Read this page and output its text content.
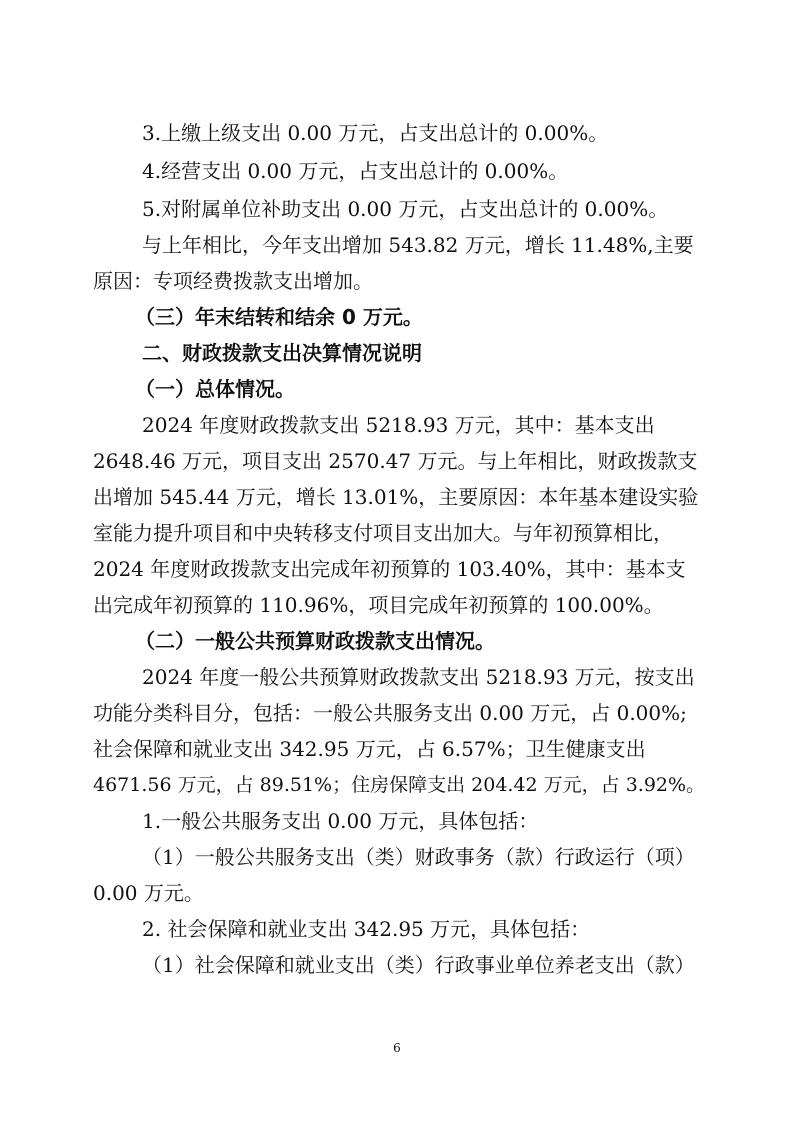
3.上缴上级支出 0.00 万元，占支出总计的 0.00%。
4.经营支出 0.00 万元，占支出总计的 0.00%。
5.对附属单位补助支出 0.00 万元，占支出总计的 0.00%。
与上年相比，今年支出增加 543.82 万元，增长 11.48%,主要
原因：专项经费拨款支出增加。
（三）年末结转和结余 0 万元。
二、财政拨款支出决算情况说明
（一）总体情况。
2024 年度财政拨款支出 5218.93 万元，其中：基本支出
2648.46 万元，项目支出 2570.47 万元。与上年相比，财政拨款支
出增加 545.44 万元，增长 13.01%，主要原因：本年基本建设实验
室能力提升项目和中央转移支付项目支出加大。与年初预算相比，
2024 年度财政拨款支出完成年初预算的 103.40%，其中：基本支
出完成年初预算的 110.96%，项目完成年初预算的 100.00%。
（二）一般公共预算财政拨款支出情况。
2024 年度一般公共预算财政拨款支出 5218.93 万元，按支出
功能分类科目分，包括：一般公共服务支出 0.00 万元，占 0.00%;
社会保障和就业支出 342.95 万元，占 6.57%；卫生健康支出
4671.56 万元，占 89.51%；住房保障支出 204.42 万元，占 3.92%。
1.一般公共服务支出 0.00 万元，具体包括：
（1）一般公共服务支出（类）财政事务（款）行政运行（项）
0.00 万元。
2. 社会保障和就业支出 342.95 万元，具体包括：
（1）社会保障和就业支出（类）行政事业单位养老支出（款）
6
